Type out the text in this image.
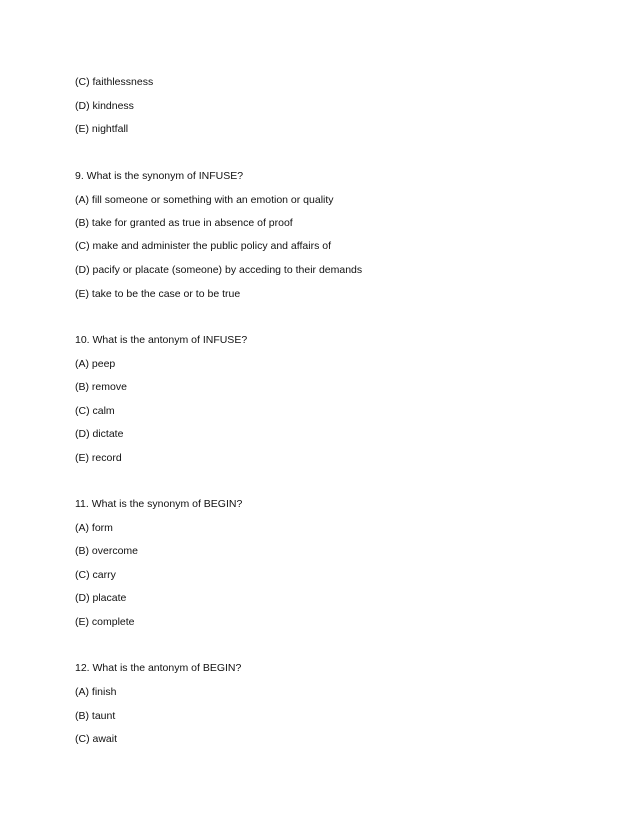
(C) faithlessness
(D) kindness
(E) nightfall
9. What is the synonym of INFUSE?
(A) fill someone or something with an emotion or quality
(B) take for granted as true in absence of proof
(C) make and administer the public policy and affairs of
(D) pacify or placate (someone) by acceding to their demands
(E) take to be the case or to be true
10. What is the antonym of INFUSE?
(A) peep
(B) remove
(C) calm
(D) dictate
(E) record
11. What is the synonym of BEGIN?
(A) form
(B) overcome
(C) carry
(D) placate
(E) complete
12. What is the antonym of BEGIN?
(A) finish
(B) taunt
(C) await
